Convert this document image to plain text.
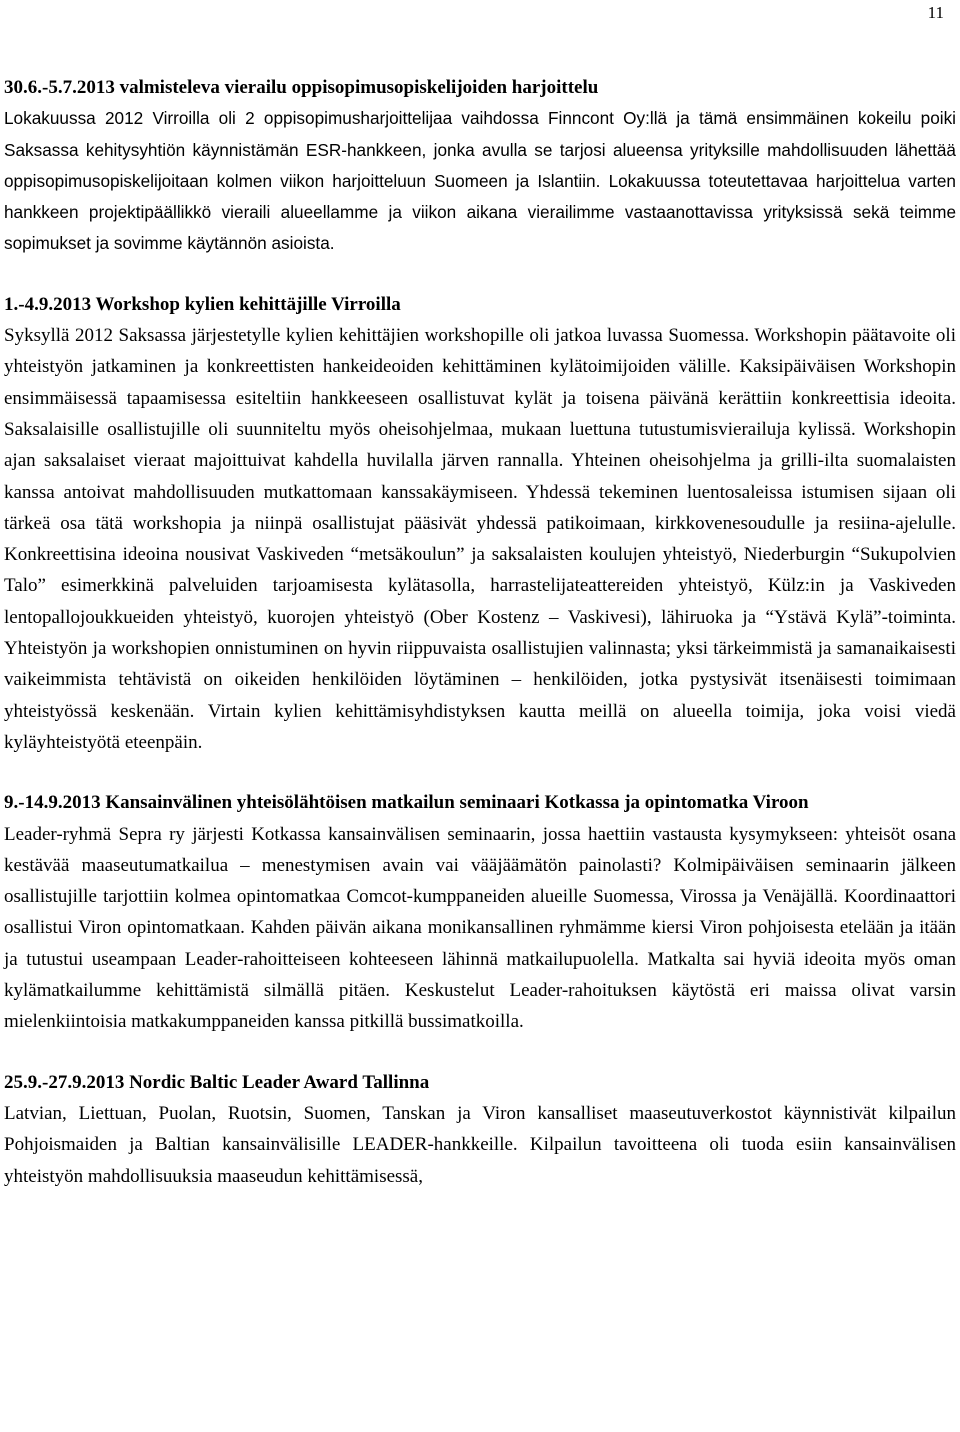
11

30.6.-5.7.2013 valmisteleva vierailu oppisopimusopiskelijoiden harjoittelu

Lokakuussa 2012 Virroilla oli 2 oppisopimusharjoittelijaa vaihdossa Finncont Oy:llä ja tämä ensimmäinen kokeilu poiki Saksassa kehitysyhtiön käynnistämän ESR-hankkeen, jonka avulla se tarjosi alueensa yrityksille mahdollisuuden lähettää oppisopimusopiskelijoitaan kolmen viikon harjoitteluun Suomeen ja Islantiin. Lokakuussa toteutettavaa harjoittelua varten hankkeen projektipäällikkö vieraili alueellamme ja viikon aikana vierailimme vastaanottavissa yrityksissä sekä teimme sopimukset ja sovimme käytännön asioista.

1.-4.9.2013 Workshop kylien kehittäjille Virroilla

Syksyllä 2012 Saksassa järjestetylle kylien kehittäjien workshopille oli jatkoa luvassa Suomessa. Workshopin päätavoite oli yhteistyön jatkaminen ja konkreettisten hankeideoiden kehittäminen kylätoimijoiden välille. Kaksipäiväisen Workshopin ensimmäisessä tapaamisessa esiteltiin hankkeeseen osallistuvat kylät ja toisena päivänä kerättiin konkreettisia ideoita. Saksalaisille osallistujille oli suunniteltu myös oheisohjelmaa, mukaan luettuna tutustumisvierailuja kylissä. Workshopin ajan saksalaiset vieraat majoittuivat kahdella huvilalla järven rannalla. Yhteinen oheisohjelma ja grilli-ilta suomalaisten kanssa antoivat mahdollisuuden mutkattomaan kanssakäymiseen. Yhdessä tekeminen luentosaleissa istumisen sijaan oli tärkeä osa tätä workshopia ja niinpä osallistujat pääsivät yhdessä patikoimaan, kirkkovenesoudulle ja resiina-ajelulle. Konkreettisina ideoina nousivat Vaskiveden “metsäkoulun” ja saksalaisten koulujen yhteistyö, Niederburgin “Sukupolvien Talo” esimerkkinä palveluiden tarjoamisesta kylätasolla, harrastelijateattereiden yhteistyö, Külz:in ja Vaskiveden lentopallojoukkueiden yhteistyö, kuorojen yhteistyö (Ober Kostenz – Vaskivesi), lähiruoka ja “Ystävä Kylä”-toiminta. Yhteistyön ja workshopien onnistuminen on hyvin riippuvaista osallistujien valinnasta; yksi tärkeimmistä ja samanaikaisesti vaikeimmista tehtävistä on oikeiden henkilöiden löytäminen – henkilöiden, jotka pystysivät itsenäisesti toimimaan yhteistyössä keskenään. Virtain kylien kehittämisyhdistyksen kautta meillä on alueella toimija, joka voisi viedä kyläyhteistyötä eteenpäin.

9.-14.9.2013 Kansainvälinen yhteisölähtöisen matkailun seminaari Kotkassa ja opintomatka Viroon

Leader-ryhmä Sepra ry järjesti Kotkassa kansainvälisen seminaarin, jossa haettiin vastausta kysymykseen: yhteisöt osana kestävää maaseutumatkailua – menestymisen avain vai vääjäämätön painolasti? Kolmipäiväisen seminaarin jälkeen osallistujille tarjottiin kolmea opintomatkaa Comcot-kumppaneiden alueille Suomessa, Virossa ja Venäjällä. Koordinaattori osallistui Viron opintomatkaan. Kahden päivän aikana monikansallinen ryhmämme kiersi Viron pohjoisesta etelään ja itään ja tutustui useampaan Leader-rahoitteiseen kohteeseen lähinnä matkailupuolella. Matkalta sai hyviä ideoita myös oman kylämatkailumme kehittämistä silmällä pitäen. Keskustelut Leader-rahoituksen käytöstä eri maissa olivat varsin mielenkiintoisia matkakumppaneiden kanssa pitkillä bussimatkoilla.

25.9.-27.9.2013 Nordic Baltic Leader Award Tallinna

Latvian, Liettuan, Puolan, Ruotsin, Suomen, Tanskan ja Viron kansalliset maaseutuverkostot käynnistivät kilpailun Pohjoismaiden ja Baltian kansainvälisille LEADER-hankkeille. Kilpailun tavoitteena oli tuoda esiin kansainvälisen yhteistyön mahdollisuuksia maaseudun kehittämisessä,
